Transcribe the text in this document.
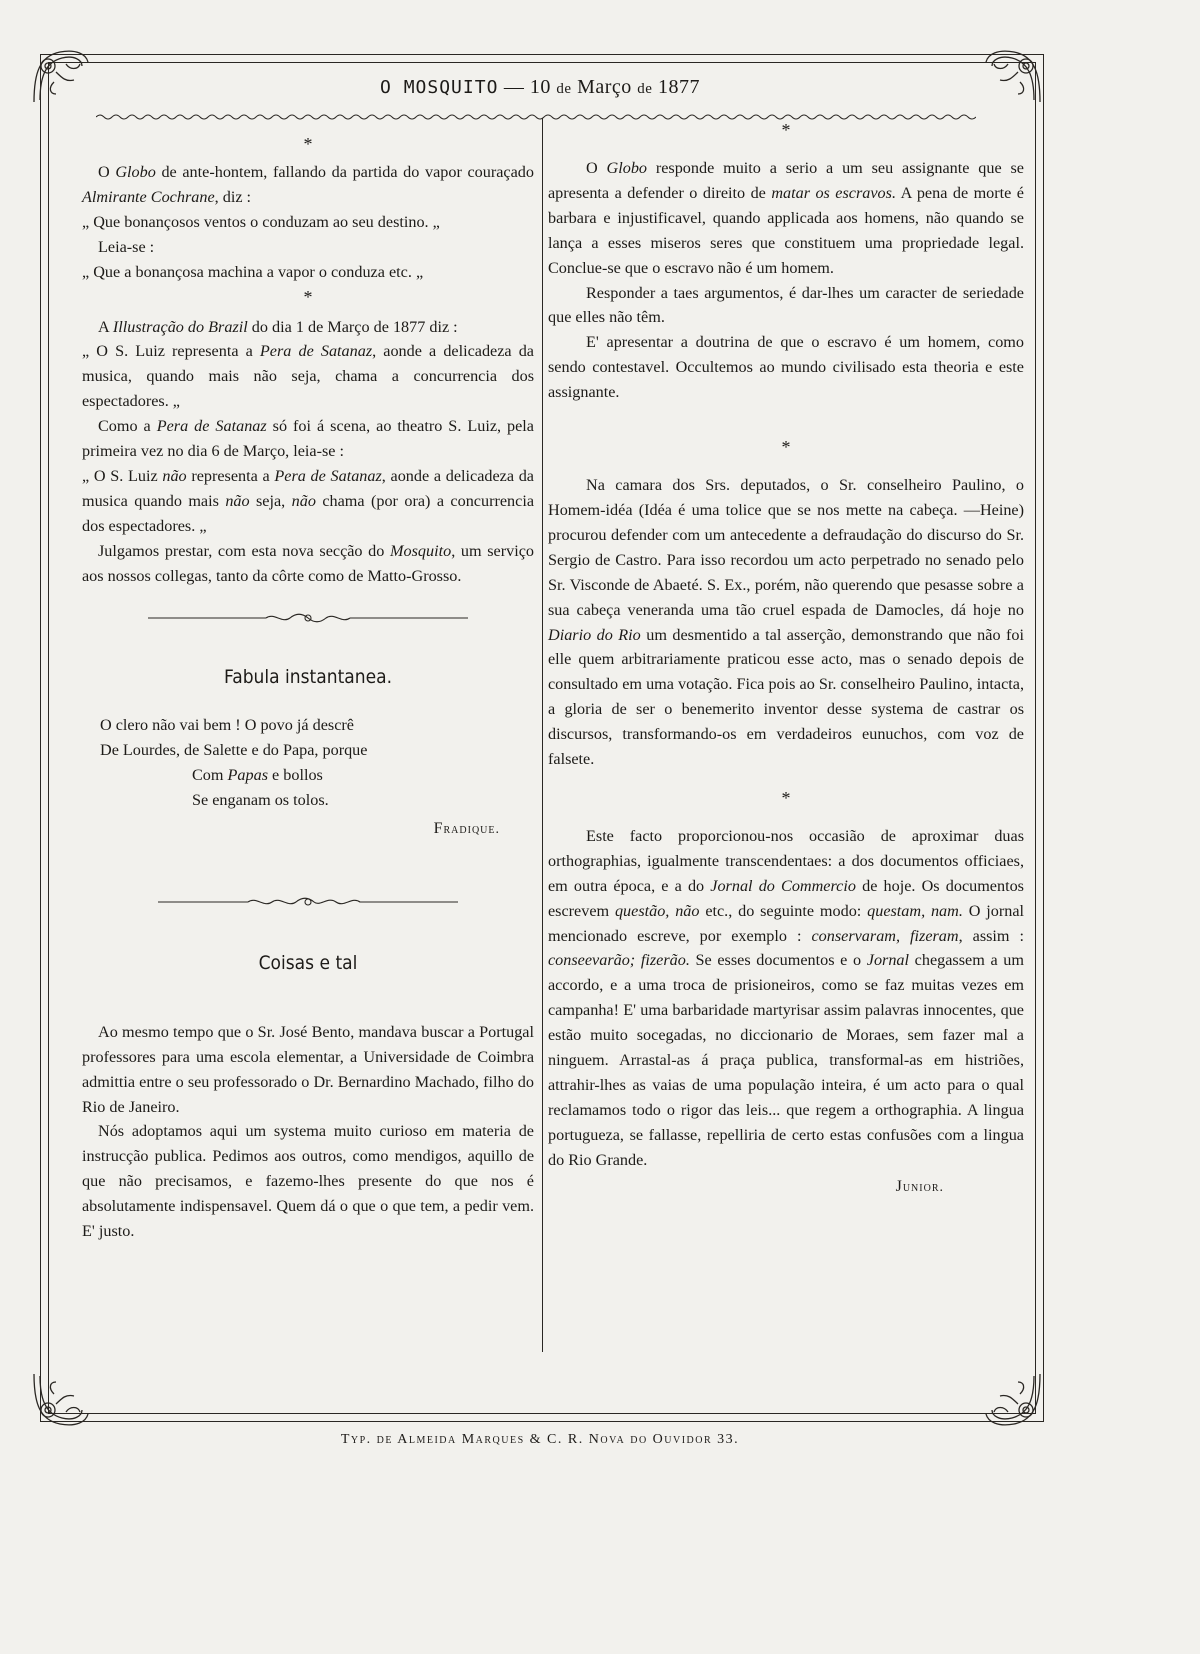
O MOSQUITO — 10 de Março de 1877

*

O Globo de ante-hontem, fallando da partida do vapor couraçado Almirante Cochrane, diz :

„ Que bonançosos ventos o conduzam ao seu destino. „

Leia-se :

„ Que a bonançosa machina a vapor o conduza etc. „

*

A Illustração do Brazil do dia 1 de Março de 1877 diz :

„ O S. Luiz representa a Pera de Satanaz, aonde a delicadeza da musica, quando mais não seja, chama a concurrencia dos espectadores. „

Como a Pera de Satanaz só foi á scena, ao theatro S. Luiz, pela primeira vez no dia 6 de Março, leia-se :

„ O S. Luiz não representa a Pera de Satanaz, aonde a delicadeza da musica quando mais não seja, não chama (por ora) a concurrencia dos espectadores. „

Julgamos prestar, com esta nova secção do Mosquito, um serviço aos nossos collegas, tanto da côrte como de Matto-Grosso.

Fabula instantanea.

O clero não vai bem ! O povo já descrê

De Lourdes, de Salette e do Papa, porque

Com Papas e bollos

Se enganam os tolos.

Fradique.

Coisas e tal

Ao mesmo tempo que o Sr. José Bento, mandava buscar a Portugal professores para uma escola elementar, a Universidade de Coimbra admittia entre o seu professorado o Dr. Bernardino Machado, filho do Rio de Janeiro.

Nós adoptamos aqui um systema muito curioso em materia de instrucção publica. Pedimos aos outros, como mendigos, aquillo de que não precisamos, e fazemo-lhes presente do que nos é absolutamente indispensavel. Quem dá o que o que tem, a pedir vem. E' justo.

*

O Globo responde muito a serio a um seu assignante que se apresenta a defender o direito de matar os escravos. A pena de morte é barbara e injustificavel, quando applicada aos homens, não quando se lança a esses miseros seres que constituem uma propriedade legal. Conclue-se que o escravo não é um homem.

Responder a taes argumentos, é dar-lhes um caracter de seriedade que elles não têm.

E' apresentar a doutrina de que o escravo é um homem, como sendo contestavel. Occultemos ao mundo civilisado esta theoria e este assignante.

*

Na camara dos Srs. deputados, o Sr. conselheiro Paulino, o Homem-idéa (Idéa é uma tolice que se nos mette na cabeça. —Heine) procurou defender com um antecedente a defraudação do discurso do Sr. Sergio de Castro. Para isso recordou um acto perpetrado no senado pelo Sr. Visconde de Abaeté. S. Ex., porém, não querendo que pesasse sobre a sua cabeça veneranda uma tão cruel espada de Damocles, dá hoje no Diario do Rio um desmentido a tal asserção, demonstrando que não foi elle quem arbitrariamente praticou esse acto, mas o senado depois de consultado em uma votação. Fica pois ao Sr. conselheiro Paulino, intacta, a gloria de ser o benemerito inventor desse systema de castrar os discursos, transformando-os em verdadeiros eunuchos, com voz de falsete.

*

Este facto proporcionou-nos occasião de aproximar duas orthographias, igualmente transcendentaes: a dos documentos officiaes, em outra época, e a do Jornal do Commercio de hoje. Os documentos escrevem questão, não etc., do seguinte modo: questam, nam. O jornal mencionado escreve, por exemplo : conservaram, fizeram, assim : conseevarão; fizerão. Se esses documentos e o Jornal chegassem a um accordo, e a uma troca de prisioneiros, como se faz muitas vezes em campanha! E' uma barbaridade martyrisar assim palavras innocentes, que estão muito socegadas, no diccionario de Moraes, sem fazer mal a ninguem. Arrastal-as á praça publica, transformal-as em histriões, attrahir-lhes as vaias de uma população inteira, é um acto para o qual reclamamos todo o rigor das leis... que regem a orthographia. A lingua portugueza, se fallasse, repelliria de certo estas confusões com a lingua do Rio Grande.

Junior.

Typ. de Almeida Marques & C. R. Nova do Ouvidor 33.
